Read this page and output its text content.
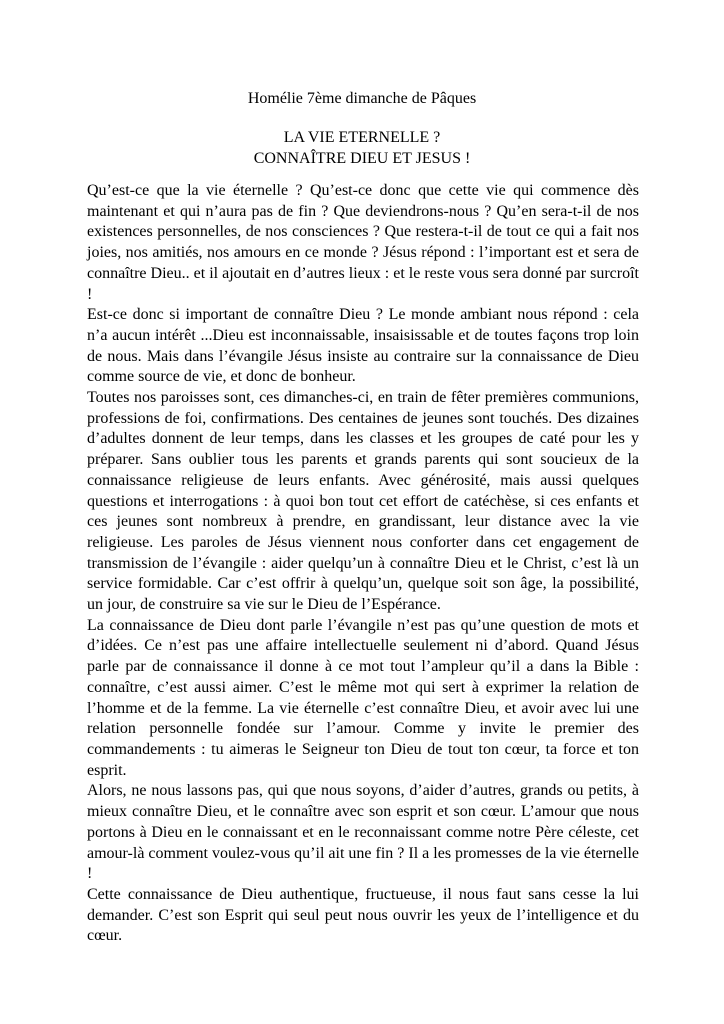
Homélie 7ème dimanche de Pâques
LA VIE ETERNELLE ?
CONNAÎTRE DIEU ET JESUS !

Qu’est-ce que la vie éternelle ? Qu’est-ce donc que cette vie qui commence dès maintenant et qui n’aura pas de fin ? Que deviendrons-nous ? Qu’en sera-t-il de nos existences personnelles, de nos consciences ? Que restera-t-il de tout ce qui a fait nos joies, nos amitiés, nos amours en ce monde ? Jésus répond : l’important est et sera de connaître Dieu.. et il ajoutait en d’autres lieux : et le reste vous sera donné par surcroît !

Est-ce donc si important de connaître Dieu ? Le monde ambiant nous répond : cela n’a aucun intérêt ...Dieu est inconnaissable, insaisissable et de toutes façons trop loin de nous. Mais dans l’évangile Jésus insiste au contraire sur la connaissance de Dieu comme source de vie, et donc de bonheur.

Toutes nos paroisses sont, ces dimanches-ci, en train de fêter premières communions, professions de foi, confirmations. Des centaines de jeunes sont touchés. Des dizaines d’adultes donnent de leur temps, dans les classes et les groupes de caté pour les y préparer. Sans oublier tous les parents et grands parents qui sont soucieux de la connaissance religieuse de leurs enfants. Avec générosité, mais aussi quelques questions et interrogations : à quoi bon tout cet effort de catéchèse, si ces enfants et ces jeunes sont nombreux à prendre, en grandissant, leur distance avec la vie religieuse. Les paroles de Jésus viennent nous conforter dans cet engagement de transmission de l’évangile : aider quelqu’un à connaître Dieu et le Christ, c’est là un service formidable. Car c’est offrir à quelqu’un, quelque soit son âge, la possibilité, un jour, de construire sa vie sur le Dieu de l’Espérance.

La connaissance de Dieu dont parle l’évangile n’est pas qu’une question de mots et d’idées. Ce n’est pas une affaire intellectuelle seulement ni d’abord. Quand Jésus parle par de connaissance il donne à ce mot tout l’ampleur qu’il a dans la Bible : connaître, c’est aussi aimer. C’est le même mot qui sert à exprimer la relation de l’homme et de la femme. La vie éternelle c’est connaître Dieu, et avoir avec lui une relation personnelle fondée sur l’amour. Comme y invite le premier des commandements : tu aimeras le Seigneur ton Dieu de tout ton cœur, ta force et ton esprit.

Alors, ne nous lassons pas, qui que nous soyons, d’aider d’autres, grands ou petits, à mieux connaître Dieu, et le connaître avec son esprit et son cœur. L’amour que nous portons à Dieu en le connaissant et en le reconnaissant comme notre Père céleste, cet amour-là comment voulez-vous qu’il ait une fin ? Il a les promesses de la vie éternelle !

Cette connaissance de Dieu authentique, fructueuse, il nous faut sans cesse la lui demander. C’est son Esprit qui seul peut nous ouvrir les yeux de l’intelligence et du cœur.
